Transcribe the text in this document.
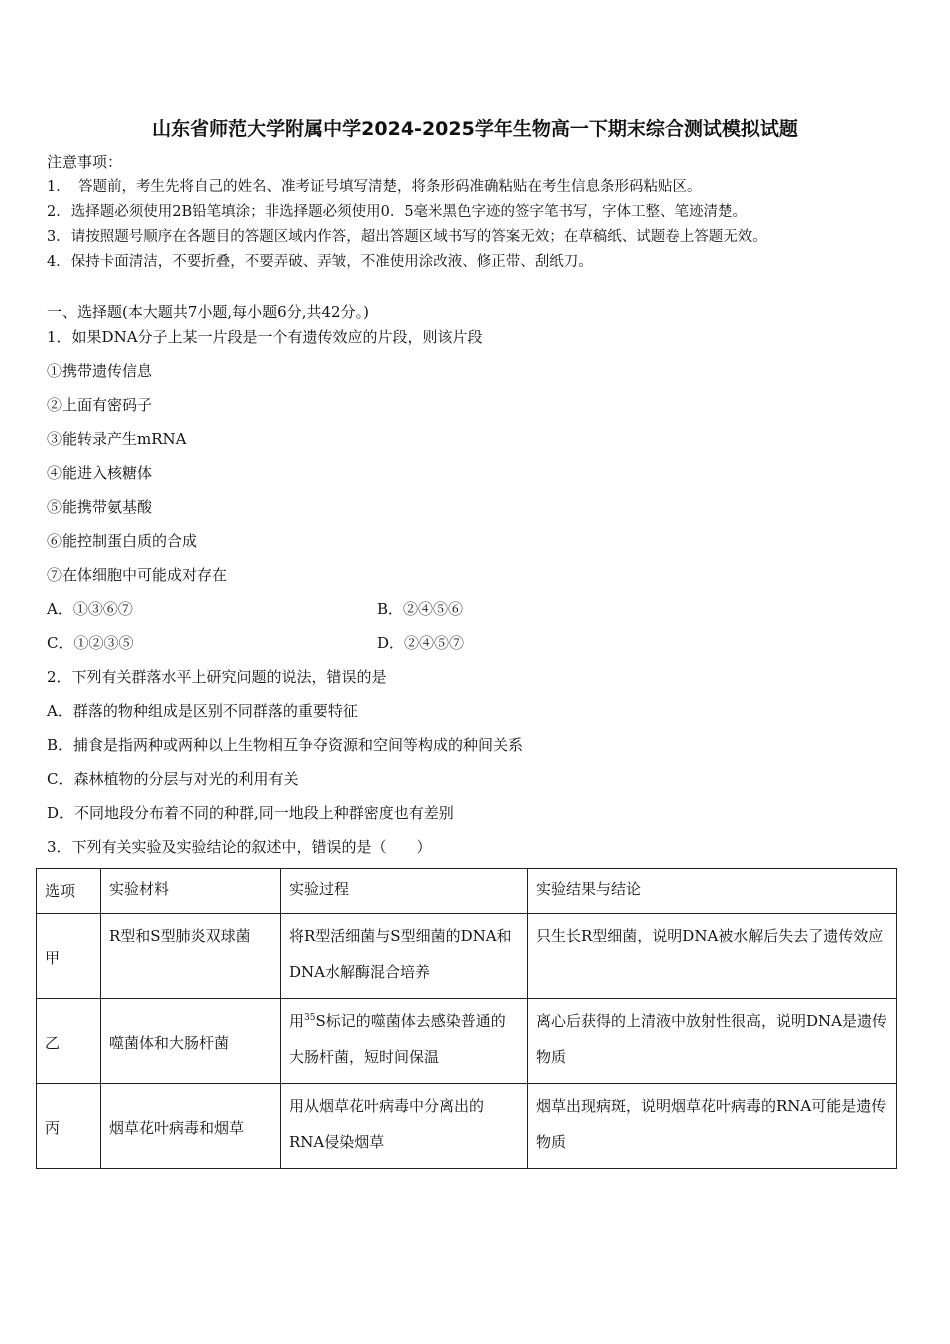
山东省师范大学附属中学2024-2025学年生物高一下期末综合测试模拟试题
注意事项：
1．　答题前，考生先将自己的姓名、准考证号填写清楚，将条形码准确粘贴在考生信息条形码粘贴区。
2．选择题必须使用2B铅笔填涂；非选择题必须使用0．5毫米黑色字迹的签字笔书写，字体工整、笔迹清楚。
3．请按照题号顺序在各题目的答题区域内作答，超出答题区域书写的答案无效；在草稿纸、试题卷上答题无效。
4．保持卡面清洁，不要折叠，不要弄破、弄皱，不准使用涂改液、修正带、刮纸刀。
一、选择题(本大题共7小题,每小题6分,共42分。)
1．如果DNA分子上某一片段是一个有遗传效应的片段，则该片段
①携带遗传信息
②上面有密码子
③能转录产生mRNA
④能进入核糖体
⑤能携带氨基酸
⑥能控制蛋白质的合成
⑦在体细胞中可能成对存在
A．①③⑥⑦	B．②④⑤⑥
C．①②③⑤	D．②④⑤⑦
2．下列有关群落水平上研究问题的说法，错误的是
A．群落的物种组成是区别不同群落的重要特征
B．捕食是指两种或两种以上生物相互争夺资源和空间等构成的种间关系
C．森林植物的分层与对光的利用有关
D．不同地段分布着不同的种群,同一地段上种群密度也有差别
3．下列有关实验及实验结论的叙述中，错误的是（　　）
选项	实验材料	实验过程	实验结果与结论
甲	R型和S型肺炎双球菌	将R型活细菌与S型细菌的DNA和DNA水解酶混合培养	只生长R型细菌，说明DNA被水解后失去了遗传效应
乙	噬菌体和大肠杆菌	用$^{35}$S标记的噬菌体去感染普通的大肠杆菌，短时间保温	离心后获得的上清液中放射性很高，说明DNA是遗传物质
丙	烟草花叶病毒和烟草	用从烟草花叶病毒中分离出的RNA侵染烟草	烟草出现病斑，说明烟草花叶病毒的RNA可能是遗传物质
